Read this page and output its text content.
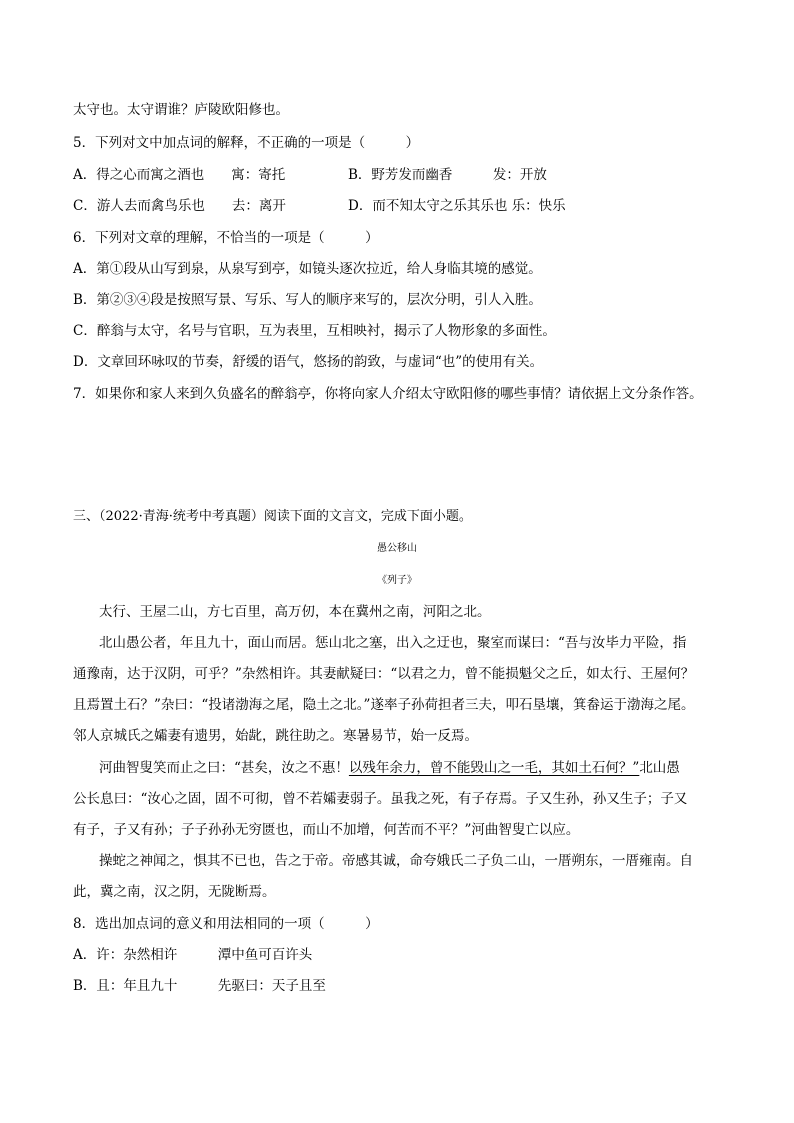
太守也。太守谓谁？庐陵欧阳修也。
5．下列对文中加点词的解释，不正确的一项是（　　　）
A．得之心而寓之酒也　　寓：寄托	B．野芳发而幽香　　　发：开放
C．游人去而禽鸟乐也　　去：离开	D．而不知太守之乐其乐也 乐：快乐
6．下列对文章的理解，不恰当的一项是（　　　）
A．第①段从山写到泉，从泉写到亭，如镜头逐次拉近，给人身临其境的感觉。
B．第②③④段是按照写景、写乐、写人的顺序来写的，层次分明，引人入胜。
C．醉翁与太守，名号与官职，互为表里，互相映衬，揭示了人物形象的多面性。
D．文章回环咏叹的节奏，舒缓的语气，悠扬的韵致，与虚词“也”的使用有关。
7．如果你和家人来到久负盛名的醉翁亭，你将向家人介绍太守欧阳修的哪些事情？请依据上文分条作答。
三、（2022·青海·统考中考真题）阅读下面的文言文，完成下面小题。
愚公移山
《列子》
太行、王屋二山，方七百里，高万仞，本在冀州之南，河阳之北。
北山愚公者，年且九十，面山而居。惩山北之塞，出入之迂也，聚室而谋曰：“吾与汝毕力平险，指
通豫南，达于汉阴，可乎？”杂然相许。其妻献疑曰：“以君之力，曾不能损魁父之丘，如太行、王屋何？
且焉置土石？”杂曰：“投诸渤海之尾，隐土之北。”遂率子孙荷担者三夫，叩石垦壤，箕畚运于渤海之尾。
邻人京城氏之孀妻有遗男，始龀，跳往助之。寒暑易节，始一反焉。
河曲智叟笑而止之曰：“甚矣，汝之不惠！以残年余力，曾不能毁山之一毛，其如土石何？”北山愚
公长息曰：“汝心之固，固不可彻，曾不若孀妻弱子。虽我之死，有子存焉。子又生孙，孙又生子；子又
有子，子又有孙；子子孙孙无穷匮也，而山不加增，何苦而不平？”河曲智叟亡以应。
操蛇之神闻之，惧其不已也，告之于帝。帝感其诚，命夸娥氏二子负二山，一厝朔东，一厝雍南。自
此，冀之南，汉之阴，无陇断焉。
8．选出加点词的意义和用法相同的一项（　　　）
A．许：杂然相许　　　潭中鱼可百许头
B．且：年且九十　　　先驱曰：天子且至
